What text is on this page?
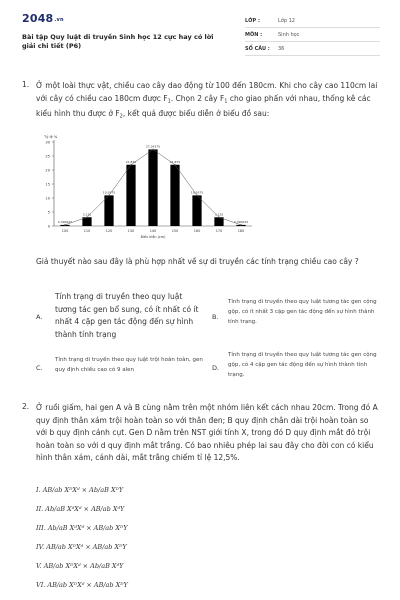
2048.vn
Bài tập Quy luật di truyền Sinh học 12 cực hay có lời giải chi tiết (P6)
LỚP :	Lớp 12
MÔN :	Sinh học
SỐ CÂU :	36
1. Ở một loài thực vật, chiều cao cây dao động từ 100 đến 180cm. Khi cho cây cao 110cm lai với cây có chiều cao 180cm được $F_1$. Chọn 2 cây $F_1$ cho giao phấn với nhau, thống kê các kiểu hình thu được ở $F_2$, kết quả được biểu diễn ở biểu đồ sau:

0
5
10
15
20
25
30
Tỷ lệ %
0,390625
100
3,125
110
10,9375
120
21,875
130
27,34375
140
21,875
150
10,9375
160
3,125
170
0,390625
180
Biểu hiện (cm)

Giả thuyết nào sau đây là phù hợp nhất về sự di truyền các tính trạng chiều cao cây ?

A.

Tính trạng di truyền theo quy luật tương tác gen bổ sung, có ít nhất có ít nhất 4 cặp gen tác động đến sự hình thành tính trạng

B.

Tính trạng di truyền theo quy luật tương tác gen cộng gộp, có ít nhất 3 cặp gen tác động đến sự hình thành tính trạng.

C.

Tính trạng di truyền theo quy luật trội hoàn toàn, gen quy định chiều cao có 9 alen	D.

Tính trạng di truyền theo quy luật tương tác gen cộng gộp, có 4 cặp gen tác động đến sự hình thành tính trạng.

2. Ở ruồi giấm, hai gen A và B cùng nằm trên một nhóm liên kết cách nhau 20cm. Trong đó A quy định thân xám trội hoàn toàn so với thân đen; B quy định chân dài trội hoàn toàn so với b quy định cánh cụt. Gen D nằm trên NST giới tính X, trong đó D quy định mắt đỏ trội hoàn toàn so với d quy định mắt trắng. Có bao nhiêu phép lai sau đây cho đời con có kiểu hình thân xám, cánh dài, mắt trắng chiếm tỉ lệ 12,5%.

I. AB/ab XᴰXᵈ × Ab/aB XᴰY
II. Ab/aB XᵈXᵈ × AB/ab XᵈY
III. Ab/aB XᵈXᵈ × AB/ab XᴰY
IV. AB/ab XᴰXᵈ × AB/ab XᴰY
V. AB/ab XᴰXᵈ × Ab/aB XᵈY
VI. AB/ab XᴰXᵈ × AB/ab XᴰY
